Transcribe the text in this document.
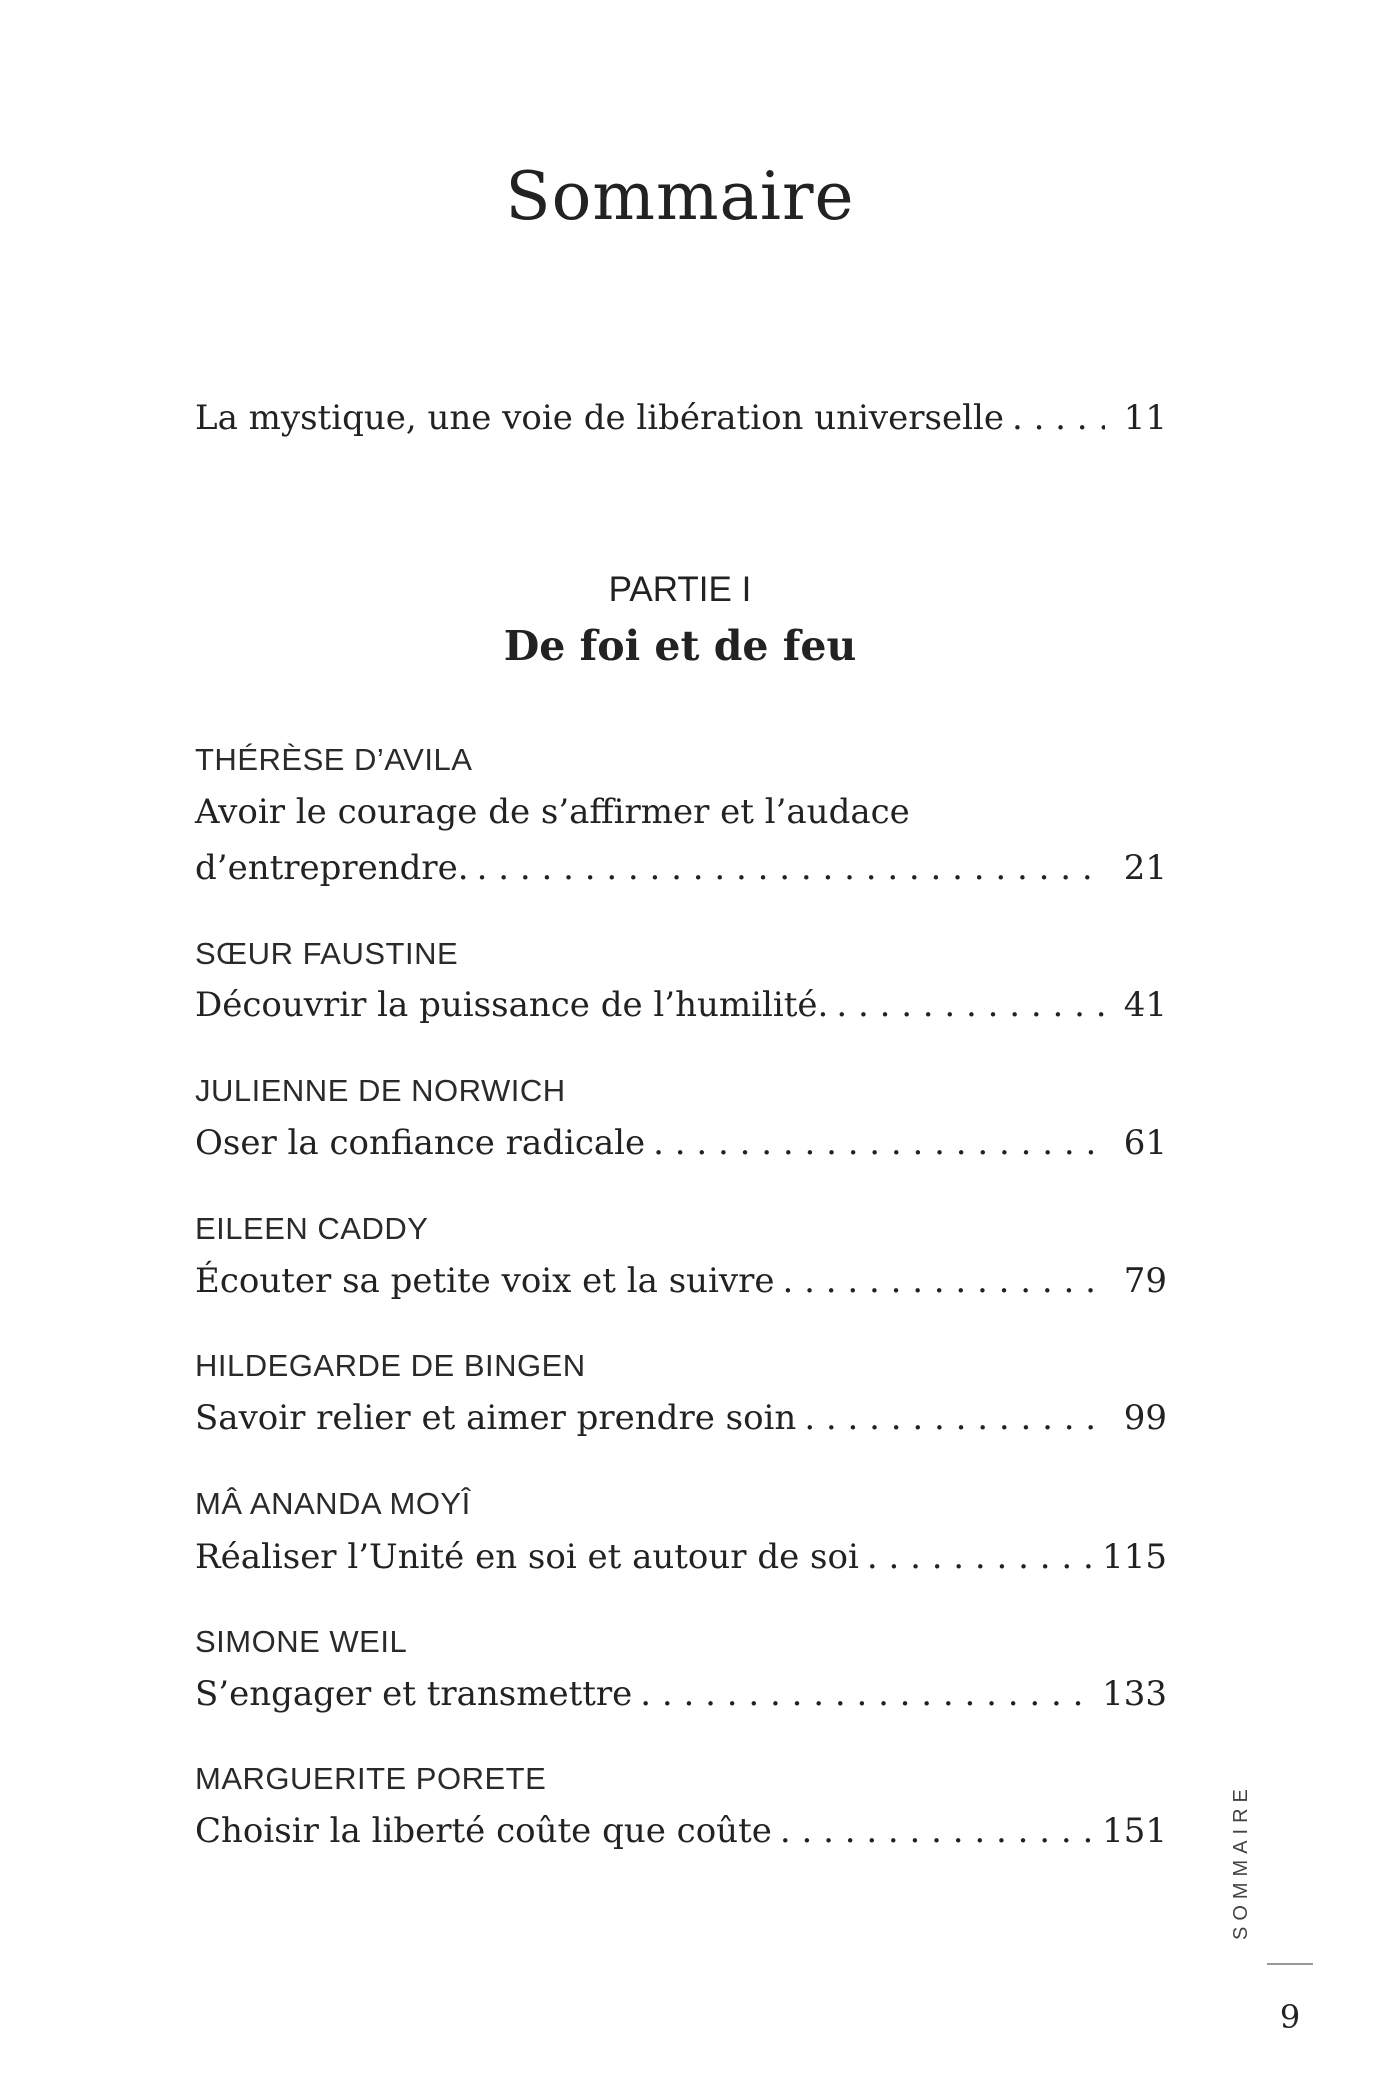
Sommaire
La mystique, une voie de libération universelle . . .	11
PARTIE I
De foi et de feu
THÉRÈSE D’AVILA
Avoir le courage de s’affirmer et l’audace
d’entreprendre. . . .	21
SŒUR FAUSTINE
Découvrir la puissance de l’humilité. . . .	41
JULIENNE DE NORWICH
Oser la confiance radicale . . .	61
EILEEN CADDY
Écouter sa petite voix et la suivre . . .	79
HILDEGARDE DE BINGEN
Savoir relier et aimer prendre soin . . .	99
MÂ ANANDA MOYÎ
Réaliser l’Unité en soi et autour de soi . . .	115
SIMONE WEIL
S’engager et transmettre . . .	133
MARGUERITE PORETE
Choisir la liberté coûte que coûte . . .	151	SOMMAIRE
9
